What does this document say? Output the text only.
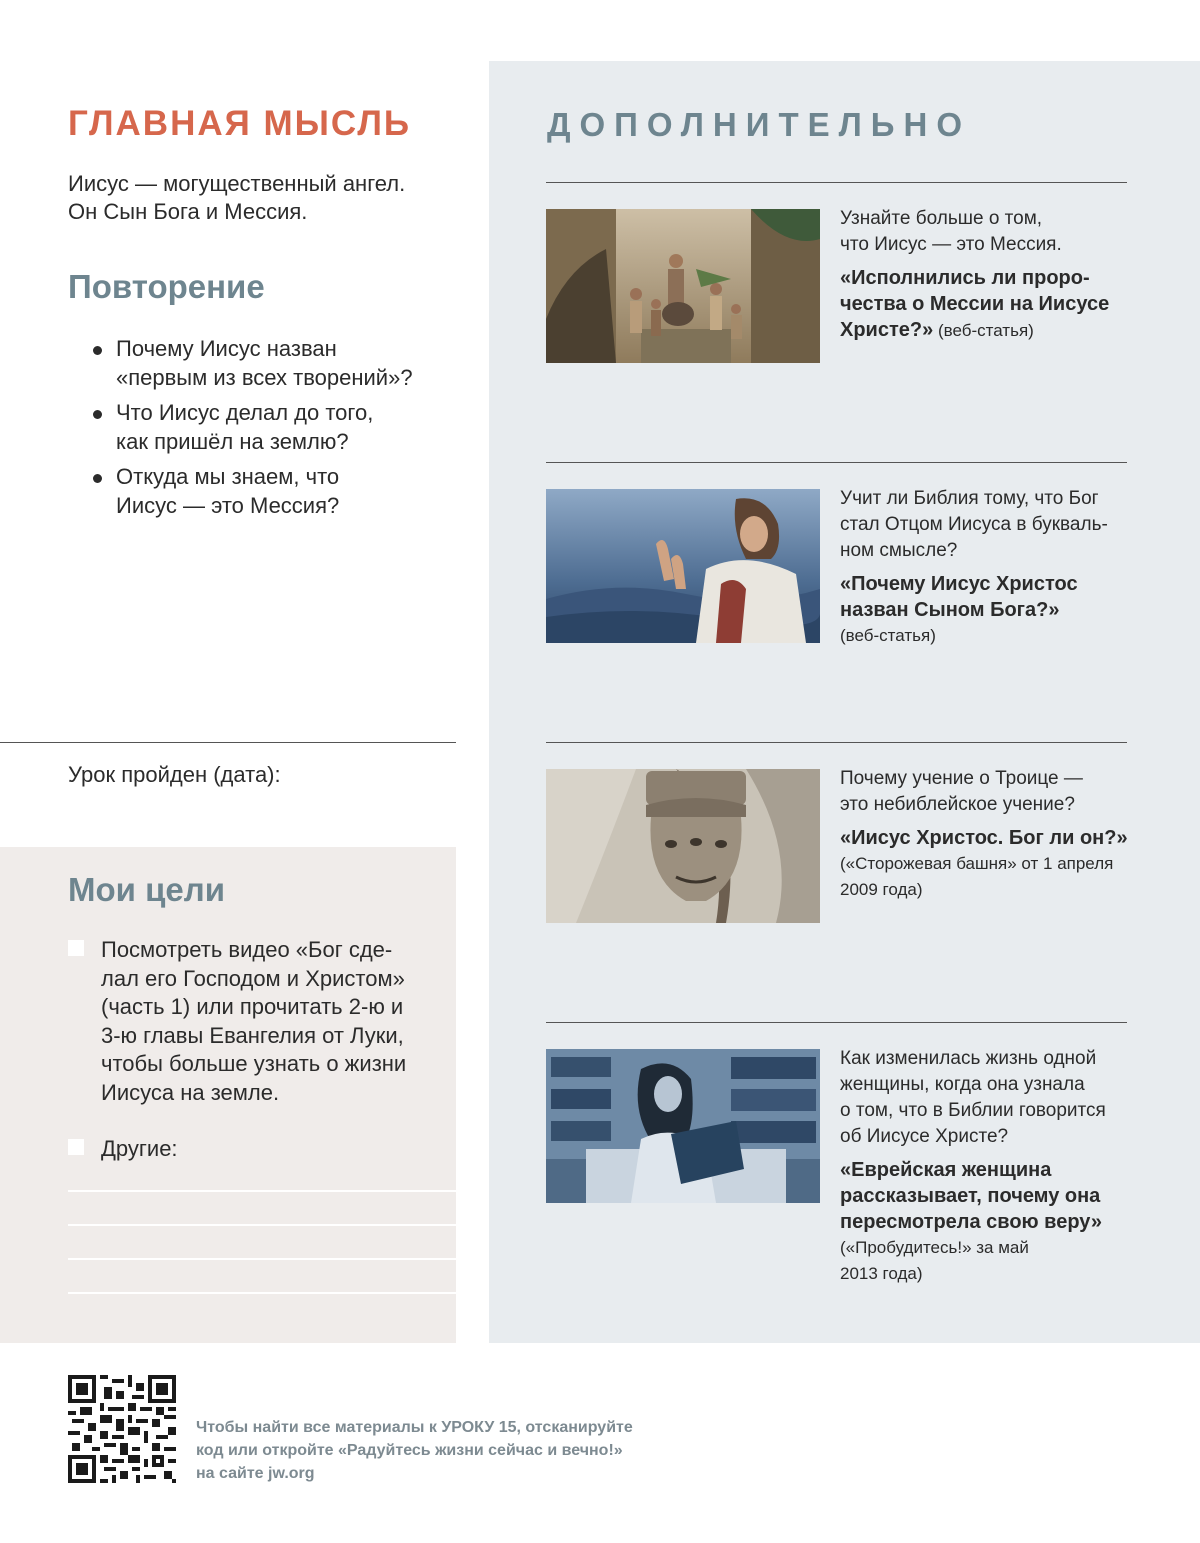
ГЛАВНАЯ МЫСЛЬ
Иисус — могущественный ангел.
Он Сын Бога и Мессия.
Повторение
Почему Иисус назван
«первым из всех творений»?
Что Иисус делал до того,
как пришёл на землю?
Откуда мы знаем, что
Иисус — это Мессия?
Урок пройден (дата):
Мои цели
Посмотреть видео «Бог сде-
лал его Господом и Христом»
(часть 1) или прочитать 2-ю и
3-ю главы Евангелия от Луки,
чтобы больше узнать о жизни
Иисуса на земле.
Другие:
ДОПОЛНИТЕЛЬНО
Узнайте больше о том,
что Иисус — это Мессия.
«Исполнились ли проро-
чества о Мессии на Иисусе
Христе?» (веб-статья)
Учит ли Библия тому, что Бог
стал Отцом Иисуса в букваль-
ном смысле?
«Почему Иисус Христос
назван Сыном Бога?»
(веб-статья)
Почему учение о Троице —
это небиблейское учение?
«Иисус Христос. Бог ли он?»
(«Сторожевая башня» от 1 апреля
2009 года)
Как изменилась жизнь одной
женщины, когда она узнала
о том, что в Библии говорится
об Иисусе Христе?
«Еврейская женщина
рассказывает, почему она
пересмотрела свою веру»
(«Пробудитесь!» за май
2013 года)
Чтобы найти все материалы к УРОКУ 15, отсканируйте
код или откройте «Радуйтесь жизни сейчас и вечно!»
на сайте jw.org
